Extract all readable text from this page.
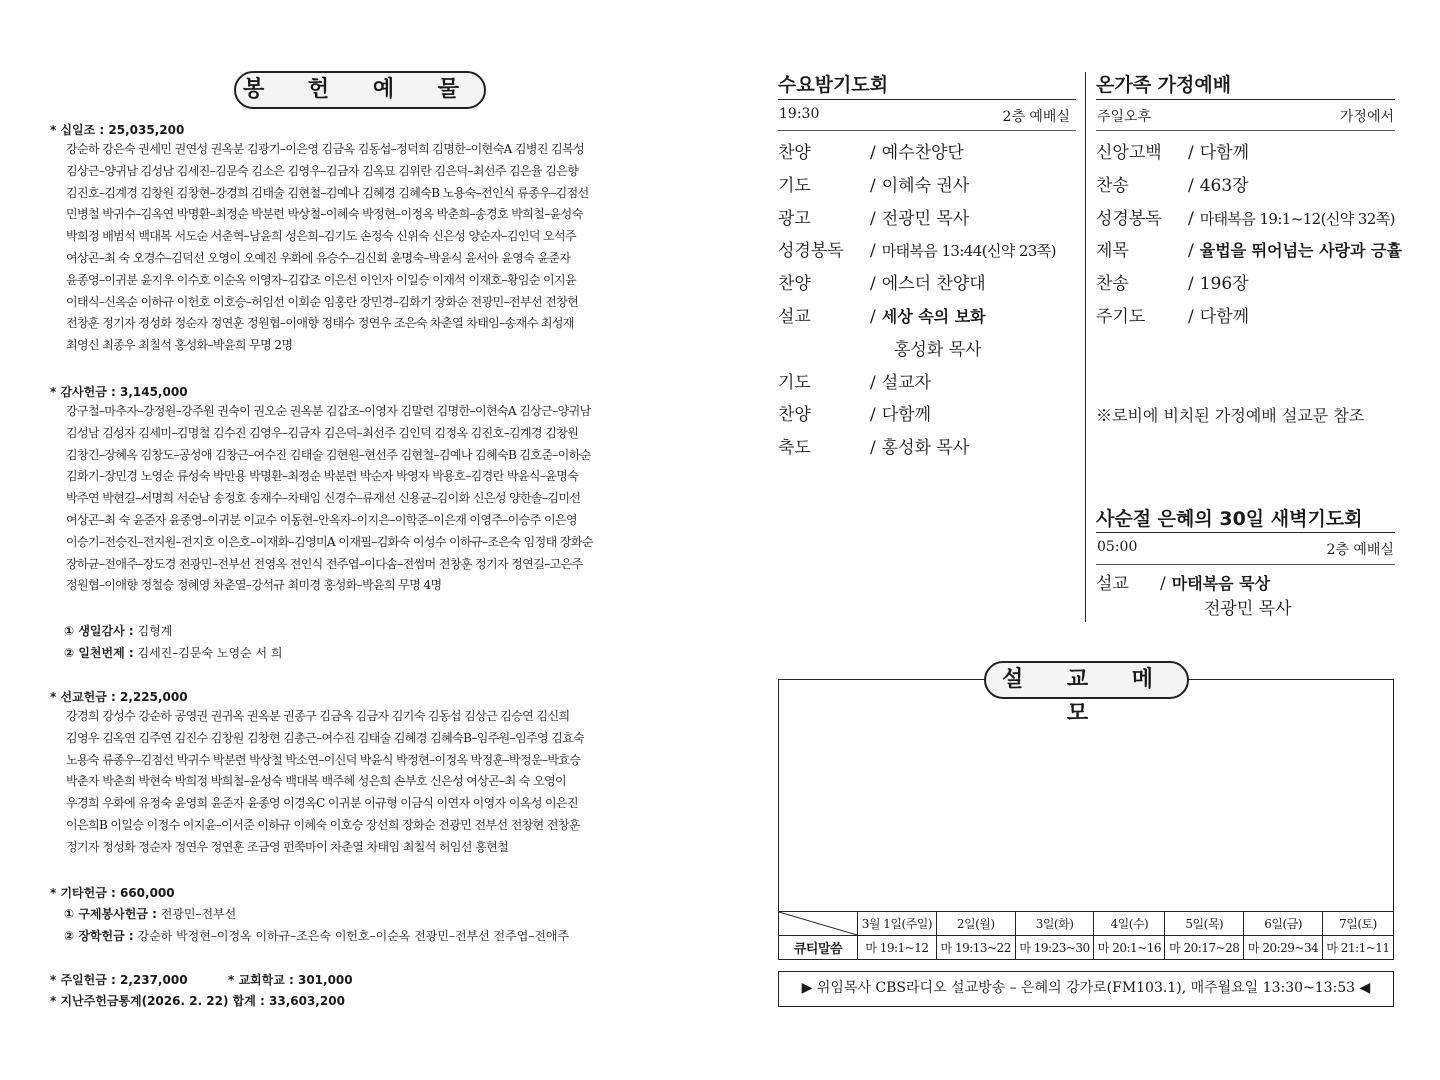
봉 헌 예 물
* 십일조 : 25,035,200
강순하 강은숙 권세민 권연성 권옥분 김광기–이은영 김금옥 김동섭–정덕희 김명한–이현숙A 김병진 김복성
김상근–양귀남 김성남 김세진–김문숙 김소은 김영우–김금자 김옥묘 김위란 김은덕–최선주 김은율 김은향
김진호–김계경 김창원 김창현–강경희 김태술 김현철–김예나 김혜경 김혜숙B 노용숙–전인식 류종우–김점선
민병철 박귀수–김옥연 박명환–최정순 박분련 박상철–이혜숙 박정현–이정옥 박춘희–송경호 박희철–윤성숙
박희정 배범석 백대복 서도순 서춘혁–남윤희 성은희–김기도 손정숙 신위숙 신은성 양순자–김인덕 오석주
여상곤–최 숙 오경수–김덕선 오영이 오예진 우화에 유승수–김신회 윤명숙–박윤식 윤서아 윤영숙 윤준자
윤종영–이귀분 윤지우 이수호 이순옥 이영자–김갑조 이은선 이인자 이일승 이재석 이재호–황임순 이지윤
이태식–신옥순 이하규 이헌호 이호승–허임선 이회순 임홍란 장민경–김화기 장화순 전광민–전부선 전창현
전창훈 정기자 정성화 정순자 정연훈 정원협–이애향 정태수 정연우 조은숙 차춘열 차태임–송재수 최성재
최영신 최종우 최칠석 홍성화–박윤희 무명 2명
* 감사헌금 : 3,145,000
강구철–마추자–강정원–강주원 권숙이 권오순 권옥분 김갑조–이영자 김말련 김명한–이현숙A 김상근–양귀남
김성남 김성자 김세미–김명철 김수진 김영우–김금자 김은덕–최선주 김인덕 김정옥 김진호–김계경 김창원
김창긴–장혜옥 김창도–공성애 김창근–여수진 김태술 김현원–현선주 김현철–김예나 김혜숙B 김호준–이하순
김화기–장민경 노영순 류성숙 박만용 박명환–최정순 박분련 박순자 박영자 박용호–김경란 박윤식–윤명숙
박주연 박현길–서명희 서순남 송정호 송재수–차태임 신경수–류재선 신용균–김이화 신은성 양한솔–김미선
여상곤–최 숙 윤준자 윤종영–이귀분 이교수 이동현–안옥자–이지은–이학준–이은재 이영주–이승주 이은영
이승기–전승진–전지원–전지호 이은호–이재화–김영미A 이재필–김화숙 이성수 이하규–조은숙 임정태 장화순
장하균–전애주–장도경 전광민–전부선 전영옥 전인식 전주엽–이다솜–전썸머 전창훈 정기자 정연길–고은주
정원협–이애향 정철승 정혜영 차춘열–강석규 최미경 홍성화–박윤희 무명 4명
① 생일감사 : 김형계
② 일천번제 : 김세진–김문숙 노영순 서 희
* 선교헌금 : 2,225,000
강경희 강성수 강순하 공영권 권귀옥 권옥분 권종구 김금옥 김금자 김기숙 김동섭 김상근 김승연 김신희
김영우 김옥연 김주연 김진수 김창원 김창현 김총근–여수진 김태술 김혜경 김혜숙B–임주원–임주영 김효숙
노용숙 류종우–김점선 박귀수 박분련 박상철 박소연–이신덕 박윤식 박정현–이정옥 박정훈–박정운–박효승
박춘자 박춘희 박현숙 박희정 박희철–윤성숙 백대복 백주혜 성은희 손부호 신은성 여상곤–최 숙 오영이
우경희 우화에 유정숙 윤영희 윤준자 윤종영 이경옥C 이귀분 이규형 이금식 이연자 이영자 이옥성 이은진
이은희B 이일승 이정수 이지윤–이서준 이하규 이혜숙 이호승 장선희 장화순 전광민 전부선 전창현 전창훈
정기자 정성화 정순자 정연우 정연훈 조금영 펀쭉마이 차춘열 차태임 최칠석 허임선 홍현철
* 기타헌금 : 660,000
① 구제봉사헌금 : 전광민–전부선
② 장학헌금 : 강순하 박정현–이정옥 이하규–조은숙 이헌호–이순옥 전광민–전부선 전주엽–전애주
* 주일헌금 : 2,237,000	* 교회학교 : 301,000
* 지난주헌금통계(2026. 2. 22) 합계 : 33,603,200
수요밤기도회
19:30	2층 예배실
찬양	/ 예수찬양단
기도	/ 이혜숙 권사
광고	/ 전광민 목사
성경봉독	/ 마태복음 13:44(신약 23쪽)
찬양	/ 에스더 찬양대
설교	/ 세상 속의 보화
홍성화 목사
기도	/ 설교자
찬양	/ 다함께
축도	/ 홍성화 목사
온가족 가정예배
주일오후	가정에서
신앙고백	/ 다함께
찬송	/ 463장
성경봉독	/ 마태복음 19:1~12(신약 32쪽)
제목	/ 율법을 뛰어넘는 사랑과 긍휼
찬송	/ 196장
주기도	/ 다함께
※로비에 비치된 가정예배 설교문 참조
사순절 은혜의 30일 새벽기도회
05:00	2층 예배실
설교	/ 마태복음 묵상
전광민 목사
설 교 메 모
	3월 1일(주일)	2일(월)	3일(화)	4일(수)	5일(목)	6일(금)	7일(토)
큐티말씀	마 19:1~12	마 19:13~22	마 19:23~30	마 20:1~16	마 20:17~28	마 20:29~34	마 21:1~11
▶ 위임목사 CBS라디오 설교방송 – 은혜의 강가로(FM103.1), 매주월요일 13:30~13:53 ◀
